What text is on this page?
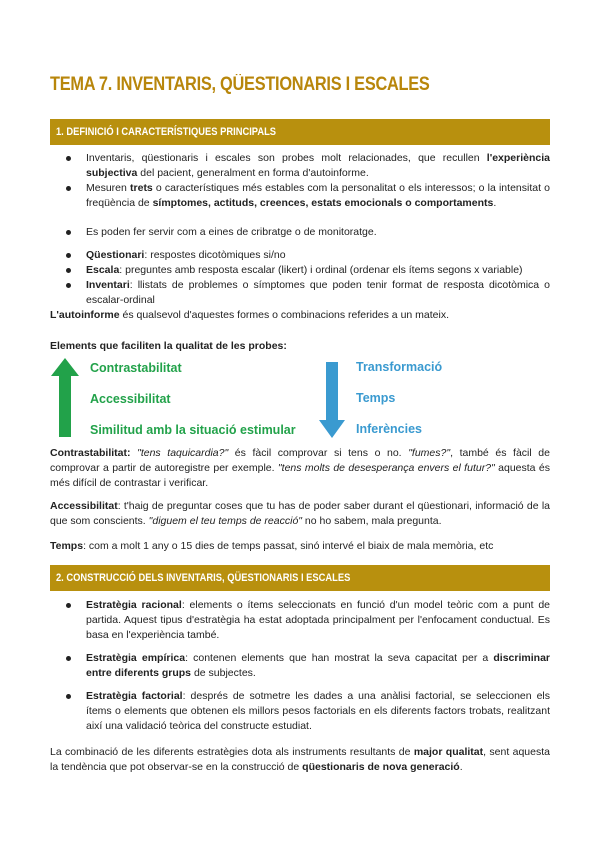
TEMA 7. INVENTARIS, QÜESTIONARIS I ESCALES
1. DEFINICIÓ I CARACTERÍSTIQUES PRINCIPALS
Inventaris, qüestionaris i escales son probes molt relacionades, que recullen l'experiència subjectiva del pacient, generalment en forma d'autoinforme.
Mesuren trets o característiques més estables com la personalitat o els interessos; o la intensitat o freqüència de símptomes, actituds, creences, estats emocionals o comportaments.
Es poden fer servir com a eines de cribratge o de monitoratge.
Qüestionari: respostes dicotòmiques si/no
Escala: preguntes amb resposta escalar (likert) i ordinal (ordenar els ítems segons x variable)
Inventari: llistats de problemes o símptomes que poden tenir format de resposta dicotòmica o escalar-ordinal
L'autoinforme és qualsevol d'aquestes formes o combinacions referides a un mateix.
Elements que faciliten la qualitat de les probes:
Contrastabilitat
Accessibilitat
Similitud amb la situació estimular
Transformació
Temps
Inferències
Contrastabilitat: "tens taquicardia?" és fàcil comprovar si tens o no. "fumes?", també és fàcil de comprovar a partir de autoregistre per exemple. "tens molts de desesperança envers el futur?" aquesta és més difícil de contrastar i verificar.
Accessibilitat: t'haig de preguntar coses que tu has de poder saber durant el qüestionari, informació de la que som conscients. "diguem el teu temps de reacció" no ho sabem, mala pregunta.
Temps: com a molt 1 any o 15 dies de temps passat, sinó intervé el biaix de mala memòria, etc
2. CONSTRUCCIÓ DELS INVENTARIS, QÜESTIONARIS I ESCALES
Estratègia racional: elements o ítems seleccionats en funció d'un model teòric com a punt de partida. Aquest tipus d'estratègia ha estat adoptada principalment per l'enfocament conductual. Es basa en l'experiència també.
Estratègia empírica: contenen elements que han mostrat la seva capacitat per a discriminar entre diferents grups de subjectes.
Estratègia factorial: després de sotmetre les dades a una anàlisi factorial, se seleccionen els ítems o elements que obtenen els millors pesos factorials en els diferents factors trobats, realitzant així una validació teòrica del constructe estudiat.
La combinació de les diferents estratègies dota als instruments resultants de major qualitat, sent aquesta la tendència que pot observar-se en la construcció de qüestionaris de nova generació.
